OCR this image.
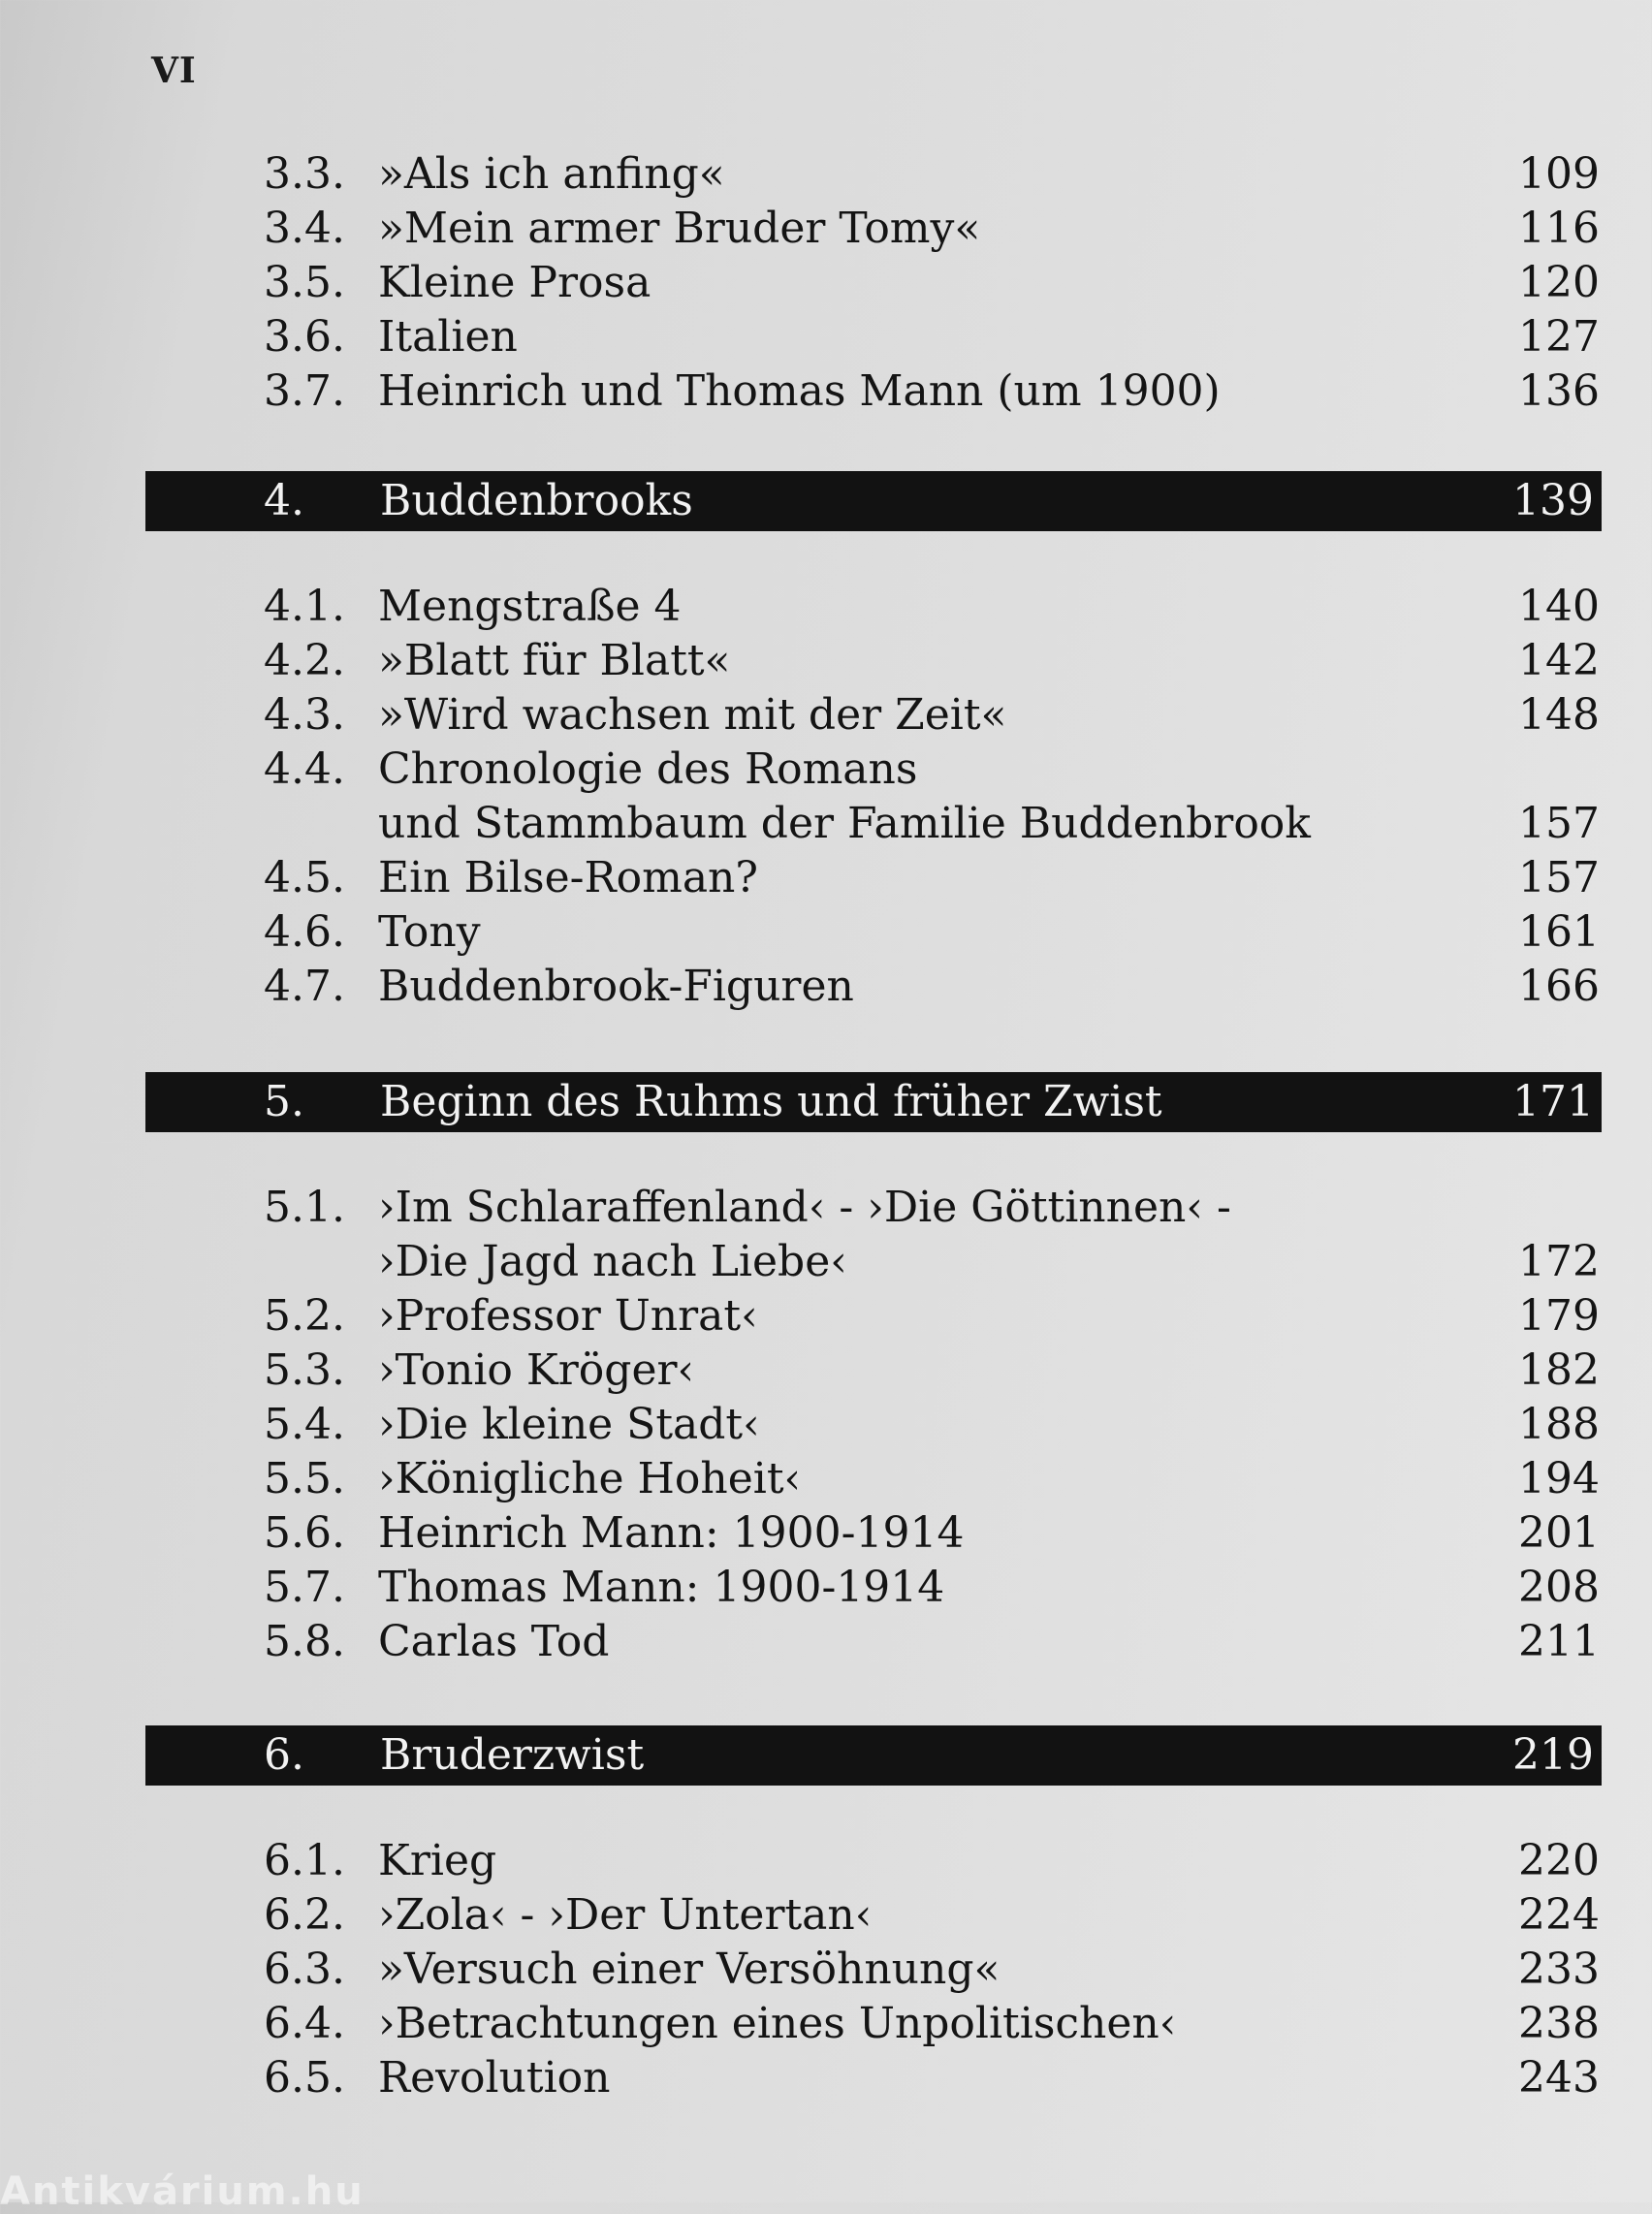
VI
3.3. »Als ich anfing«	109
3.4. »Mein armer Bruder Tomy«	116
3.5. Kleine Prosa	120
3.6. Italien	127
3.7. Heinrich und Thomas Mann (um 1900)	136
4. Buddenbrooks	139
4.1. Mengstraße 4	140
4.2. »Blatt für Blatt«	142
4.3. »Wird wachsen mit der Zeit«	148
4.4. Chronologie des Romans
und Stammbaum der Familie Buddenbrook	157
4.5. Ein Bilse-Roman?	157
4.6. Tony	161
4.7. Buddenbrook-Figuren	166
5. Beginn des Ruhms und früher Zwist	171
5.1. ›Im Schlaraffenland‹ - ›Die Göttinnen‹ -
›Die Jagd nach Liebe‹	172
5.2. ›Professor Unrat‹	179
5.3. ›Tonio Kröger‹	182
5.4. ›Die kleine Stadt‹	188
5.5. ›Königliche Hoheit‹	194
5.6. Heinrich Mann: 1900-1914	201
5.7. Thomas Mann: 1900-1914	208
5.8. Carlas Tod	211
6. Bruderzwist	219
6.1. Krieg	220
6.2. ›Zola‹ - ›Der Untertan‹	224
6.3. »Versuch einer Versöhnung«	233
6.4. ›Betrachtungen eines Unpolitischen‹	238
6.5. Revolution	243
Antikvárium.hu
